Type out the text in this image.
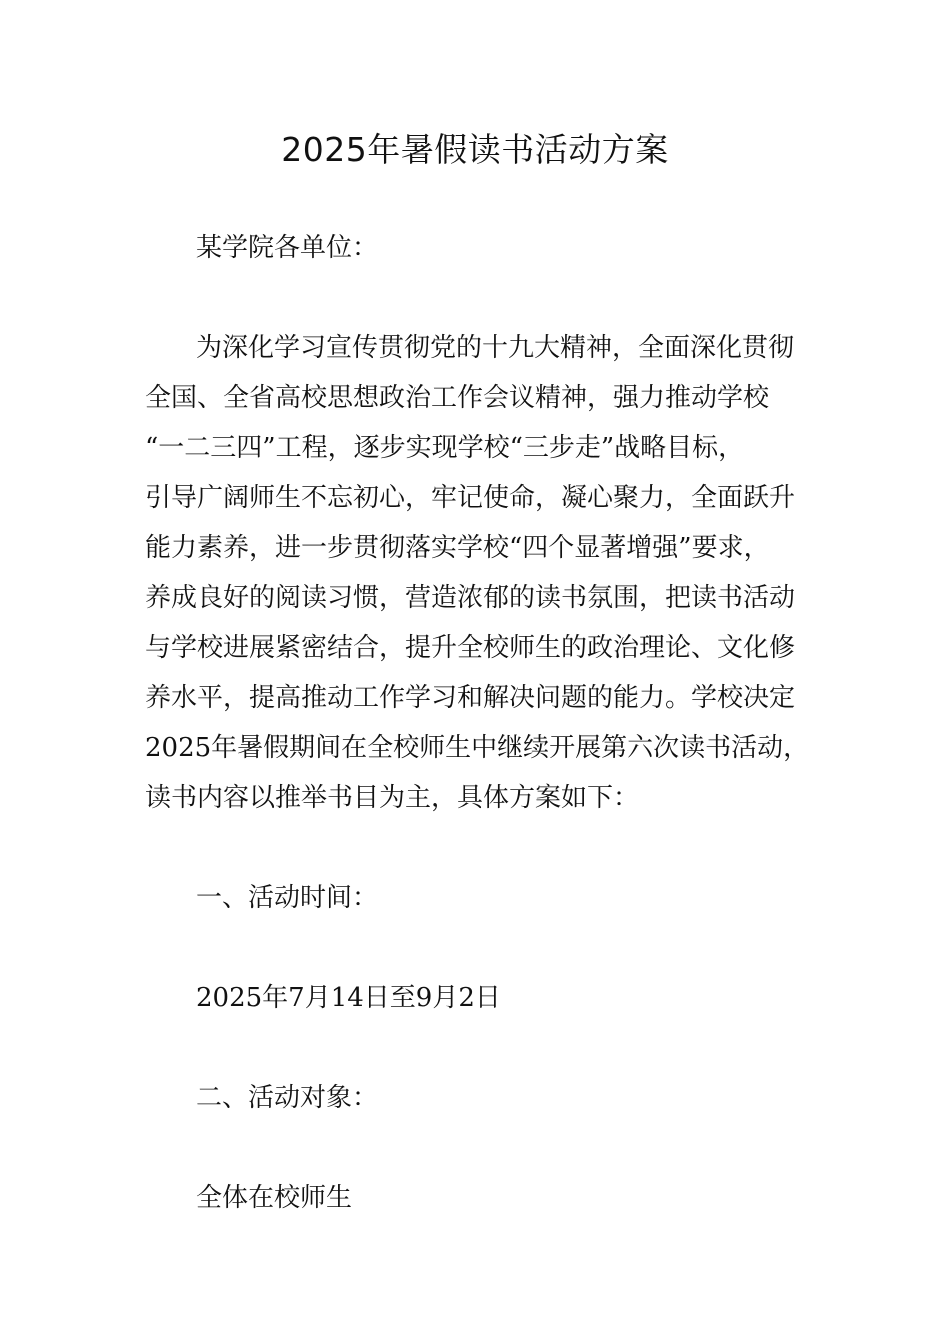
2025年暑假读书活动方案

某学院各单位：

为深化学习宣传贯彻党的十九大精神，全面深化贯彻

全国、全省高校思想政治工作会议精神，强力推动学校

“一二三四”工程，逐步实现学校“三步走”战略目标，

引导广阔师生不忘初心，牢记使命，凝心聚力，全面跃升

能力素养，进一步贯彻落实学校“四个显著增强”要求，

养成良好的阅读习惯，营造浓郁的读书氛围，把读书活动

与学校进展紧密结合，提升全校师生的政治理论、文化修

养水平，提高推动工作学习和解决问题的能力。学校决定

2025年暑假期间在全校师生中继续开展第六次读书活动，

读书内容以推举书目为主，具体方案如下：

一、活动时间：

2025年7月14日至9月2日

二、活动对象：

全体在校师生
